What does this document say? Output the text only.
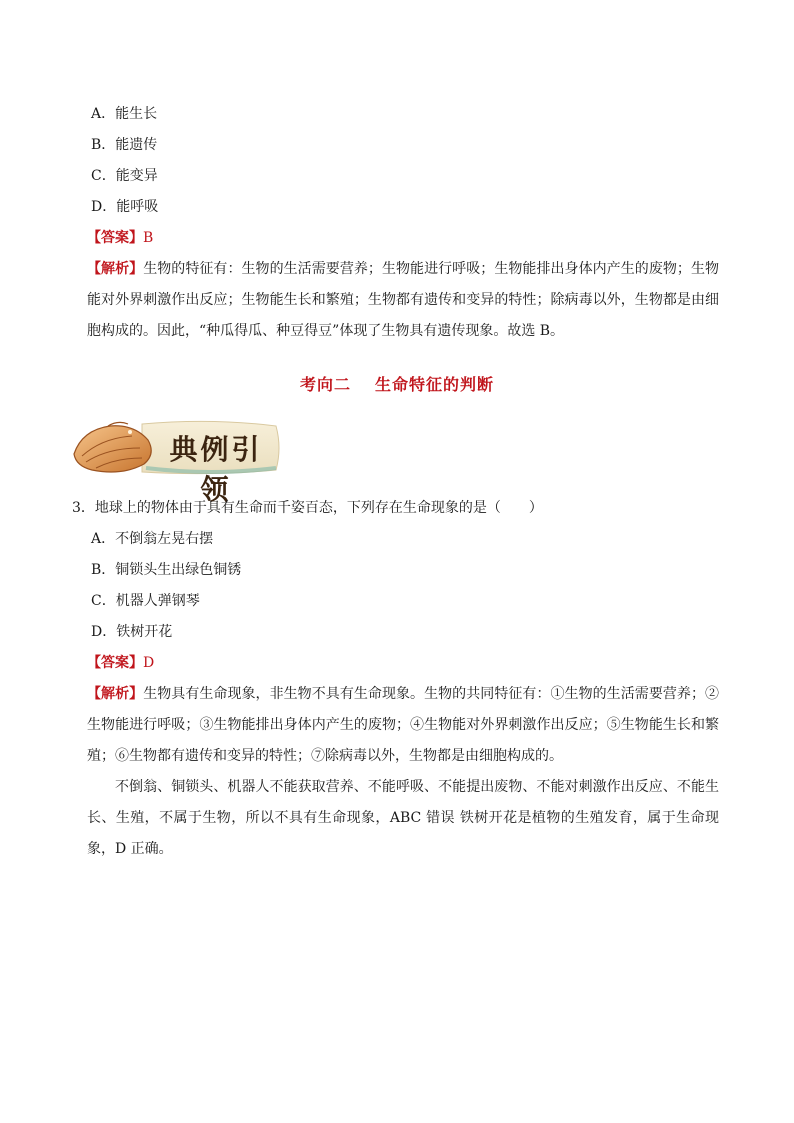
A．能生长
B．能遗传
C．能变异
D．能呼吸
【答案】B
【解析】生物的特征有：生物的生活需要营养；生物能进行呼吸；生物能排出身体内产生的废物；生物能对外界刺激作出反应；生物能生长和繁殖；生物都有遗传和变异的特性；除病毒以外，生物都是由细胞构成的。因此，“种瓜得瓜、种豆得豆”体现了生物具有遗传现象。故选 B。
考向二 生命特征的判断
典例引领
3．地球上的物体由于具有生命而千姿百态，下列存在生命现象的是（　　）
A．不倒翁左晃右摆
B．铜锁头生出绿色铜锈
C．机器人弹钢琴
D．铁树开花
【答案】D
【解析】生物具有生命现象，非生物不具有生命现象。生物的共同特征有：①生物的生活需要营养；②生物能进行呼吸；③生物能排出身体内产生的废物；④生物能对外界刺激作出反应；⑤生物能生长和繁殖；⑥生物都有遗传和变异的特性；⑦除病毒以外，生物都是由细胞构成的。
不倒翁、铜锁头、机器人不能获取营养、不能呼吸、不能提出废物、不能对刺激作出反应、不能生长、生殖，不属于生物，所以不具有生命现象，ABC 错误 铁树开花是植物的生殖发育，属于生命现象，D 正确。
